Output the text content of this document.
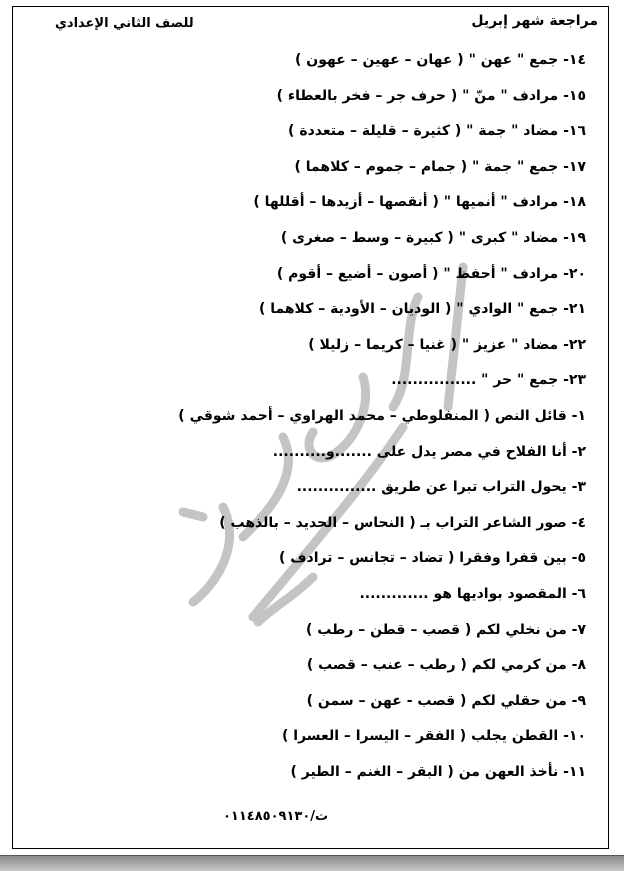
مراجعة شهر إبريل
للصف الثاني الإعدادي
١٤- جمع " عهن " ( عهان – عهين – عهون )
١٥- مرادف " منّ " ( حرف جر – فخر بالعطاء )
١٦- مضاد " جمة " ( كثيرة – قليلة – متعددة )
١٧- جمع " جمة " ( جمام – جموم – كلاهما )
١٨- مرادف " أنميها " ( أنقصها – أزيدها – أقللها )
١٩- مضاد " كبرى " ( كبيرة – وسط – صغرى )
٢٠- مرادف " أحفظ " ( أصون – أضيع – أقوم )
٢١- جمع " الوادي " ( الوديان – الأودية – كلاهما )
٢٢- مضاد " عزيز " ( غنيا – كريما – زليلا )
٢٣- جمع " حر " ................
١- قائل النص ( المنفلوطي – محمد الهراوي – أحمد شوقي )
٢- أنا الفلاح في مصر يدل على .......و..........
٣- يحول التراب تبرا عن طريق ...............
٤- صور الشاعر التراب بـ ( النحاس – الحديد – بالذهب )
٥- بين قفرا وفقرا ( تضاد – تجانس – ترادف )
٦- المقصود بواديها هو .............
٧- من نخلي لكم ( قصب – قطن – رطب )
٨- من كرمي لكم ( رطب – عنب – قصب )
٩- من حقلي لكم ( قصب - عهن – سمن )
١٠- القطن يجلب ( الفقر – اليسرا – العسرا )
١١- نأخذ العهن من ( البقر – الغنم – الطير )
ت/٠١١٤٨٥٠٩١٣٠
